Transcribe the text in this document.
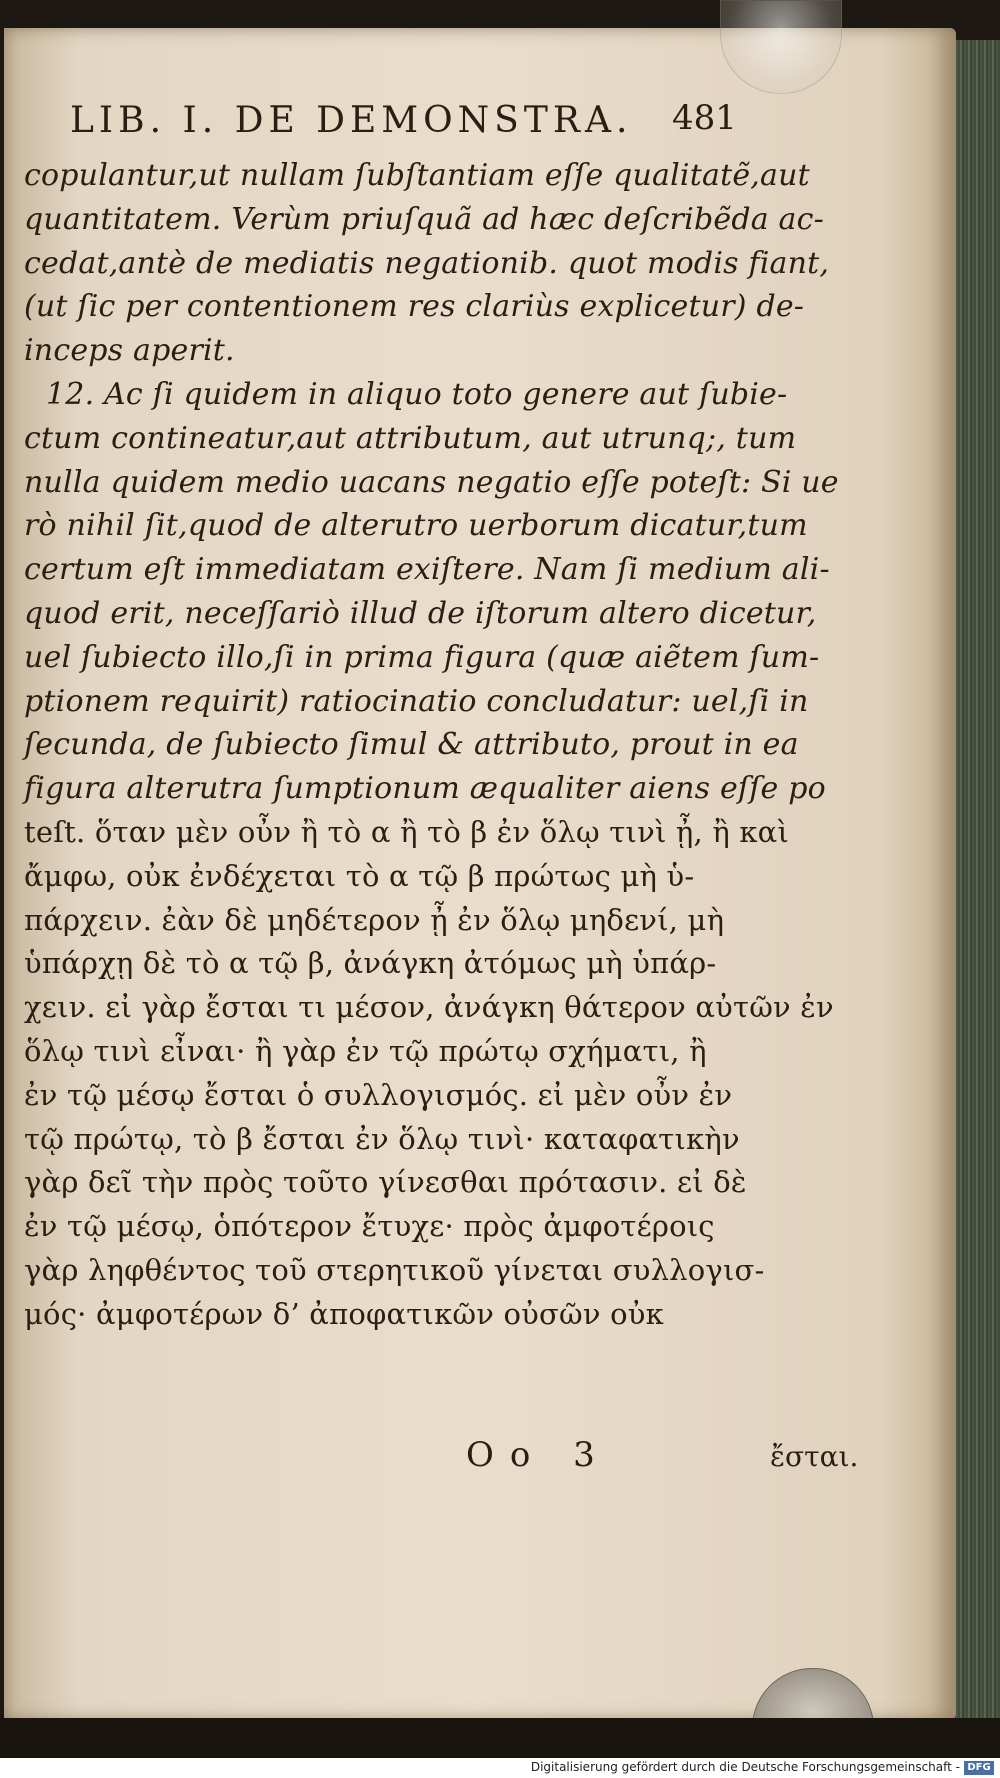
LIB. I. DE DEMONSTRA.	481
copulantur,ut nullam ſubſtantiam eſſe qualitatẽ,aut
quantitatem. Verùm priuſquã ad hæc deſcribẽda ac-
cedat,antè de mediatis negationib. quot modis fiant,
(ut ſic per contentionem res clariùs explicetur) de-
inceps aperit.
12. Ac ſi quidem in aliquo toto genere aut ſubie-
ctum contineatur,aut attributum, aut utrunq;, tum
nulla quidem medio uacans negatio eſſe poteſt: Si ue
rò nihil ſit,quod de alterutro uerborum dicatur,tum
certum eſt immediatam exiſtere. Nam ſi medium ali-
quod erit, neceſſariò illud de iſtorum altero dicetur,
uel ſubiecto illo,ſi in prima figura (quæ aiẽtem ſum-
ptionem requirit) ratiocinatio concludatur: uel,ſi in
ſecunda, de ſubiecto ſimul & attributo, prout in ea
figura alterutra ſumptionum æqualiter aiens eſſe po
teſt. ὅταν μὲν οὖν ἢ τὸ α ἢ τὸ β ἐν ὅλῳ τινὶ ᾖ, ἢ καὶ
ἄμφω, οὐκ ἐνδέχεται τὸ α τῷ β πρώτως μὴ ὑ-
πάρχειν. ἐὰν δὲ μηδέτερον ᾖ ἐν ὅλῳ μηδενί, μὴ
ὑπάρχῃ δὲ τὸ α τῷ β, ἀνάγκη ἀτόμως μὴ ὑπάρ-
χειν. εἰ γὰρ ἔσται τι μέσον, ἀνάγκη θάτερον αὐτῶν ἐν
ὅλῳ τινὶ εἶναι· ἢ γὰρ ἐν τῷ πρώτῳ σχήματι, ἢ
ἐν τῷ μέσῳ ἔσται ὁ συλλογισμός. εἰ μὲν οὖν ἐν
τῷ πρώτῳ, τὸ β ἔσται ἐν ὅλῳ τινὶ· καταφατικὴν
γὰρ δεῖ τὴν πρὸς τοῦτο γίνεσθαι πρότασιν. εἰ δὲ
ἐν τῷ μέσῳ, ὁπότερον ἔτυχε· πρὸς ἀμφοτέροις
γὰρ ληφθέντος τοῦ στερητικοῦ γίνεται συλλογισ-
μός· ἀμφοτέρων δ’ ἀποφατικῶν οὐσῶν οὐκ
Oo 3	ἔσται.
Digitalisierung gefördert durch die Deutsche Forschungsgemeinschaft - DFG
